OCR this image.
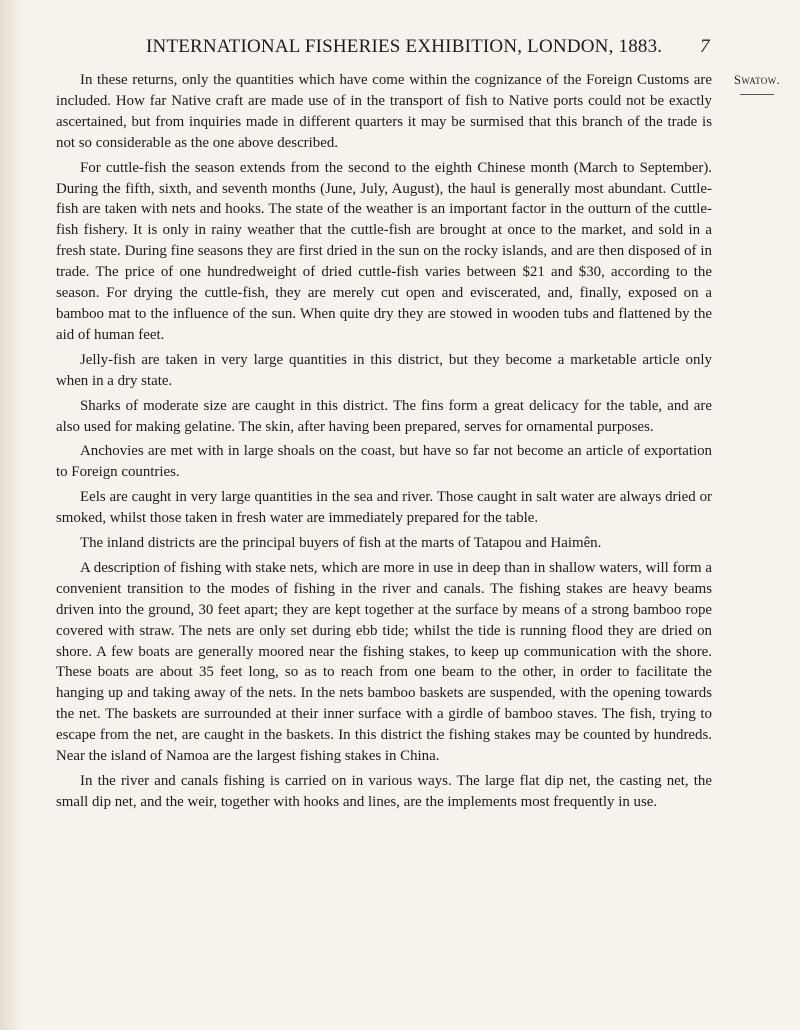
INTERNATIONAL FISHERIES EXHIBITION, LONDON, 1883. 7
Swatow.

In these returns, only the quantities which have come within the cognizance of the Foreign Customs are included. How far Native craft are made use of in the transport of fish to Native ports could not be exactly ascertained, but from inquiries made in different quarters it may be surmised that this branch of the trade is not so considerable as the one above described.

For cuttle-fish the season extends from the second to the eighth Chinese month (March to September). During the fifth, sixth, and seventh months (June, July, August), the haul is generally most abundant. Cuttle-fish are taken with nets and hooks. The state of the weather is an important factor in the outturn of the cuttle-fish fishery. It is only in rainy weather that the cuttle-fish are brought at once to the market, and sold in a fresh state. During fine seasons they are first dried in the sun on the rocky islands, and are then disposed of in trade. The price of one hundredweight of dried cuttle-fish varies between $21 and $30, according to the season. For drying the cuttle-fish, they are merely cut open and eviscerated, and, finally, exposed on a bamboo mat to the influence of the sun. When quite dry they are stowed in wooden tubs and flattened by the aid of human feet.

Jelly-fish are taken in very large quantities in this district, but they become a marketable article only when in a dry state.

Sharks of moderate size are caught in this district. The fins form a great delicacy for the table, and are also used for making gelatine. The skin, after having been prepared, serves for ornamental purposes.

Anchovies are met with in large shoals on the coast, but have so far not become an article of exportation to Foreign countries.

Eels are caught in very large quantities in the sea and river. Those caught in salt water are always dried or smoked, whilst those taken in fresh water are immediately prepared for the table.

The inland districts are the principal buyers of fish at the marts of Tatapou and Haimên.

A description of fishing with stake nets, which are more in use in deep than in shallow waters, will form a convenient transition to the modes of fishing in the river and canals. The fishing stakes are heavy beams driven into the ground, 30 feet apart; they are kept together at the surface by means of a strong bamboo rope covered with straw. The nets are only set during ebb tide; whilst the tide is running flood they are dried on shore. A few boats are generally moored near the fishing stakes, to keep up communication with the shore. These boats are about 35 feet long, so as to reach from one beam to the other, in order to facilitate the hanging up and taking away of the nets. In the nets bamboo baskets are suspended, with the opening towards the net. The baskets are surrounded at their inner surface with a girdle of bamboo staves. The fish, trying to escape from the net, are caught in the baskets. In this district the fishing stakes may be counted by hundreds. Near the island of Namoa are the largest fishing stakes in China.

In the river and canals fishing is carried on in various ways. The large flat dip net, the casting net, the small dip net, and the weir, together with hooks and lines, are the implements most frequently in use.
